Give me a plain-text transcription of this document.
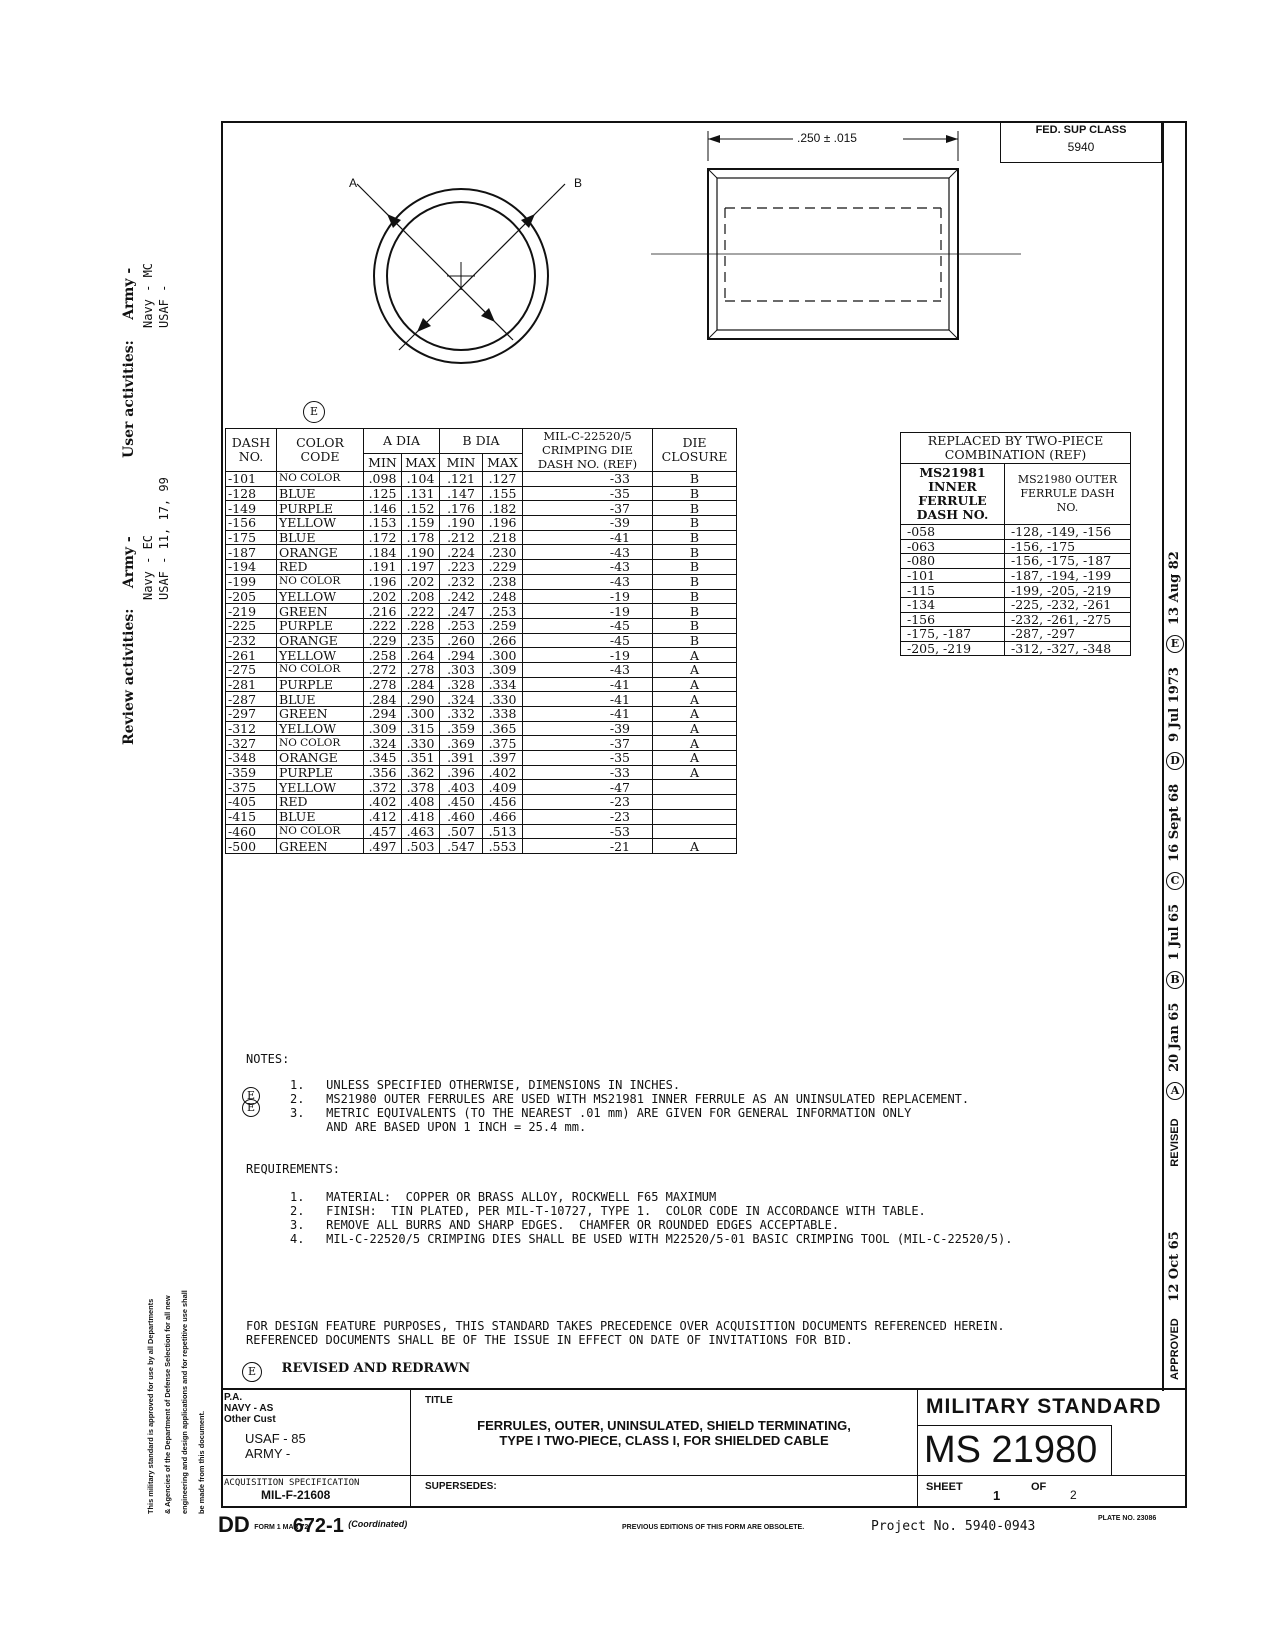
FED. SUP CLASS
5940
.250 ± .015
A	B
E
DASH NO.	COLOR CODE	A DIA		B DIA		MIL-C-22520/5 CRIMPING DIE DASH NO. (REF)	DIE CLOSURE
		MIN	MAX	MIN	MAX		
-101	NO COLOR	.098	.104	.121	.127	-33	B
-128	BLUE	.125	.131	.147	.155	-35	B
-149	PURPLE	.146	.152	.176	.182	-37	B
-156	YELLOW	.153	.159	.190	.196	-39	B
-175	BLUE	.172	.178	.212	.218	-41	B
-187	ORANGE	.184	.190	.224	.230	-43	B
-194	RED	.191	.197	.223	.229	-43	B
-199	NO COLOR	.196	.202	.232	.238	-43	B
-205	YELLOW	.202	.208	.242	.248	-19	B
-219	GREEN	.216	.222	.247	.253	-19	B
-225	PURPLE	.222	.228	.253	.259	-45	B
-232	ORANGE	.229	.235	.260	.266	-45	B
-261	YELLOW	.258	.264	.294	.300	-19	A
-275	NO COLOR	.272	.278	.303	.309	-43	A
-281	PURPLE	.278	.284	.328	.334	-41	A
-287	BLUE	.284	.290	.324	.330	-41	A
-297	GREEN	.294	.300	.332	.338	-41	A
-312	YELLOW	.309	.315	.359	.365	-39	A
-327	NO COLOR	.324	.330	.369	.375	-37	A
-348	ORANGE	.345	.351	.391	.397	-35	A
-359	PURPLE	.356	.362	.396	.402	-33	A
-375	YELLOW	.372	.378	.403	.409	-47	
-405	RED	.402	.408	.450	.456	-23	
-415	BLUE	.412	.418	.460	.466	-23	
-460	NO COLOR	.457	.463	.507	.513	-53	
-500	GREEN	.497	.503	.547	.553	-21	A
REPLACED BY TWO-PIECE COMBINATION (REF)	
MS21981 INNER FERRULE DASH NO.	MS21980 OUTER FERRULE DASH NO.
-058	-128, -149, -156
-063	-156, -175
-080	-156, -175, -187
-101	-187, -194, -199
-115	-199, -205, -219
-134	-225, -232, -261
-156	-232, -261, -275
-175, -187	-287, -297
-205, -219	-312, -327, -348
NOTES:
E
E
1.   UNLESS SPECIFIED OTHERWISE, DIMENSIONS IN INCHES.
2.   MS21980 OUTER FERRULES ARE USED WITH MS21981 INNER FERRULE AS AN UNINSULATED REPLACEMENT.
3.   METRIC EQUIVALENTS (TO THE NEAREST .01 mm) ARE GIVEN FOR GENERAL INFORMATION ONLY
AND ARE BASED UPON 1 INCH = 25.4 mm.
REQUIREMENTS:
1.   MATERIAL:  COPPER OR BRASS ALLOY, ROCKWELL F65 MAXIMUM
2.   FINISH:  TIN PLATED, PER MIL-T-10727, TYPE 1.  COLOR CODE IN ACCORDANCE WITH TABLE.
3.   REMOVE ALL BURRS AND SHARP EDGES.  CHAMFER OR ROUNDED EDGES ACCEPTABLE.
4.   MIL-C-22520/5 CRIMPING DIES SHALL BE USED WITH M22520/5-01 BASIC CRIMPING TOOL (MIL-C-22520/5).
FOR DESIGN FEATURE PURPOSES, THIS STANDARD TAKES PRECEDENCE OVER ACQUISITION DOCUMENTS REFERENCED HEREIN.
REFERENCED DOCUMENTS SHALL BE OF THE ISSUE IN EFFECT ON DATE OF INVITATIONS FOR BID.
E REVISED AND REDRAWN
P.A.
NAVY - AS
Other Cust
USAF - 85
ARMY -
TITLE
FERRULES, OUTER, UNINSULATED, SHIELD TERMINATING,
TYPE I TWO-PIECE, CLASS I, FOR SHIELDED CABLE
MILITARY STANDARD
MS 21980
ACQUISITION SPECIFICATION
MIL-F-21608
SUPERSEDES:	SHEET
1
OF
2
DD FORM 1 MAR 72 672-1 $^{(Coordinated)}$	PREVIOUS EDITIONS OF THIS FORM ARE OBSOLETE.	Project No. 5940-0943
PLATE NO. 23086
Review activities: Army - Navy - EC USAF - 11, 17, 99
User activities: Army - Navy - MC USAF -
This military standard is approved for use by all Departments	& Agencies of the Department of Defense Selection for all new	engineering and design applications and for repetitive use shall	be made from this document.
APPROVED 12 Oct 65 REVISED A20 Jan 65B1 Jul 65C16 Sept 68D9 Jul 1973E13 Aug 82
